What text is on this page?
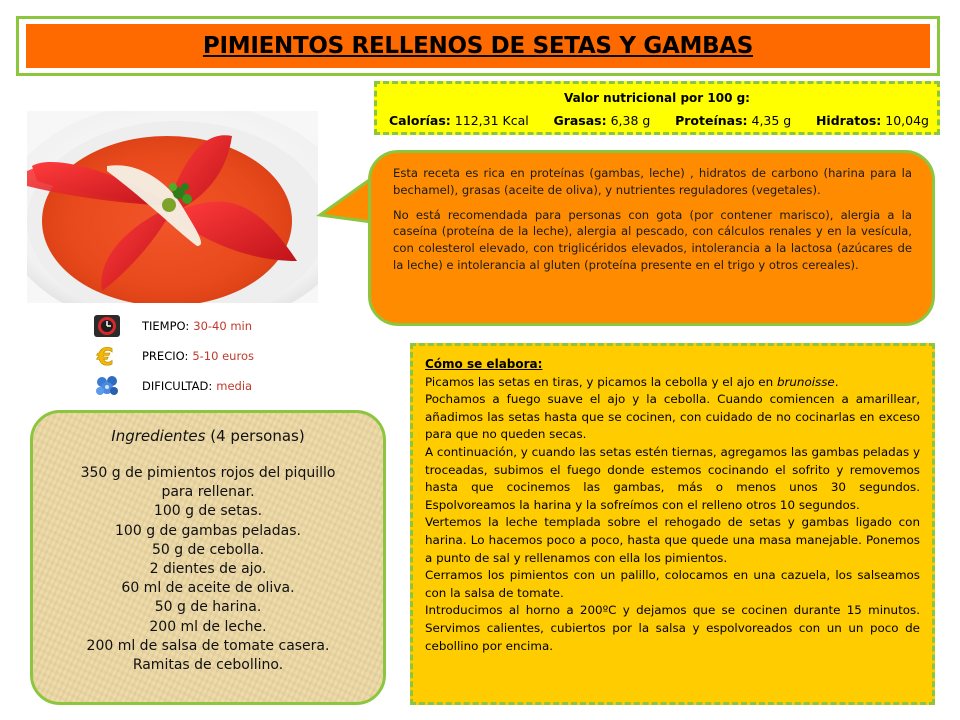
PIMIENTOS RELLENOS DE SETAS Y GAMBAS
Valor nutricional por 100 g:
Calorías: 112,31 Kcal Grasas: 6,38 g Proteínas: 4,35 g Hidratos: 10,04g

Esta receta es rica en proteínas (gambas, leche) , hidratos de carbono (harina para la bechamel), grasas (aceite de oliva), y nutrientes reguladores (vegetales).

No está recomendada para personas con gota (por contener marisco), alergia a la caseína (proteína de la leche), alergia al pescado, con cálculos renales y en la vesícula, con colesterol elevado, con triglicéridos elevados, intolerancia a la lactosa (azúcares de la leche) e intolerancia al gluten (proteína presente en el trigo y otros cereales).

TIEMPO: 30-40 min
€ PRECIO: 5-10 euros
DIFICULTAD: media
Ingredientes (4 personas)
350 g de pimientos rojos del piquillo
para rellenar.
100 g de setas.
100 g de gambas peladas.
50 g de cebolla.
2 dientes de ajo.
60 ml de aceite de oliva.
50 g de harina.
200 ml de leche.
200 ml de salsa de tomate casera.
Ramitas de cebollino.
Cómo se elabora:

Picamos las setas en tiras, y picamos la cebolla y el ajo en brunoisse.

Pochamos a fuego suave el ajo y la cebolla. Cuando comiencen a amarillear, añadimos las setas hasta que se cocinen, con cuidado de no cocinarlas en exceso para que no queden secas.

A continuación, y cuando las setas estén tiernas, agregamos las gambas peladas y troceadas, subimos el fuego donde estemos cocinando el sofrito y removemos hasta que cocinemos las gambas, más o menos unos 30 segundos. Espolvoreamos la harina y la sofreímos con el relleno otros 10 segundos.

Vertemos la leche templada sobre el rehogado de setas y gambas ligado con harina. Lo hacemos poco a poco, hasta que quede una masa manejable. Ponemos a punto de sal y rellenamos con ella los pimientos.

Cerramos los pimientos con un palillo, colocamos en una cazuela, los salseamos con la salsa de tomate.

Introducimos al horno a 200ºC y dejamos que se cocinen durante 15 minutos. Servimos calientes, cubiertos por la salsa y espolvoreados con un un poco de cebollino por encima.
